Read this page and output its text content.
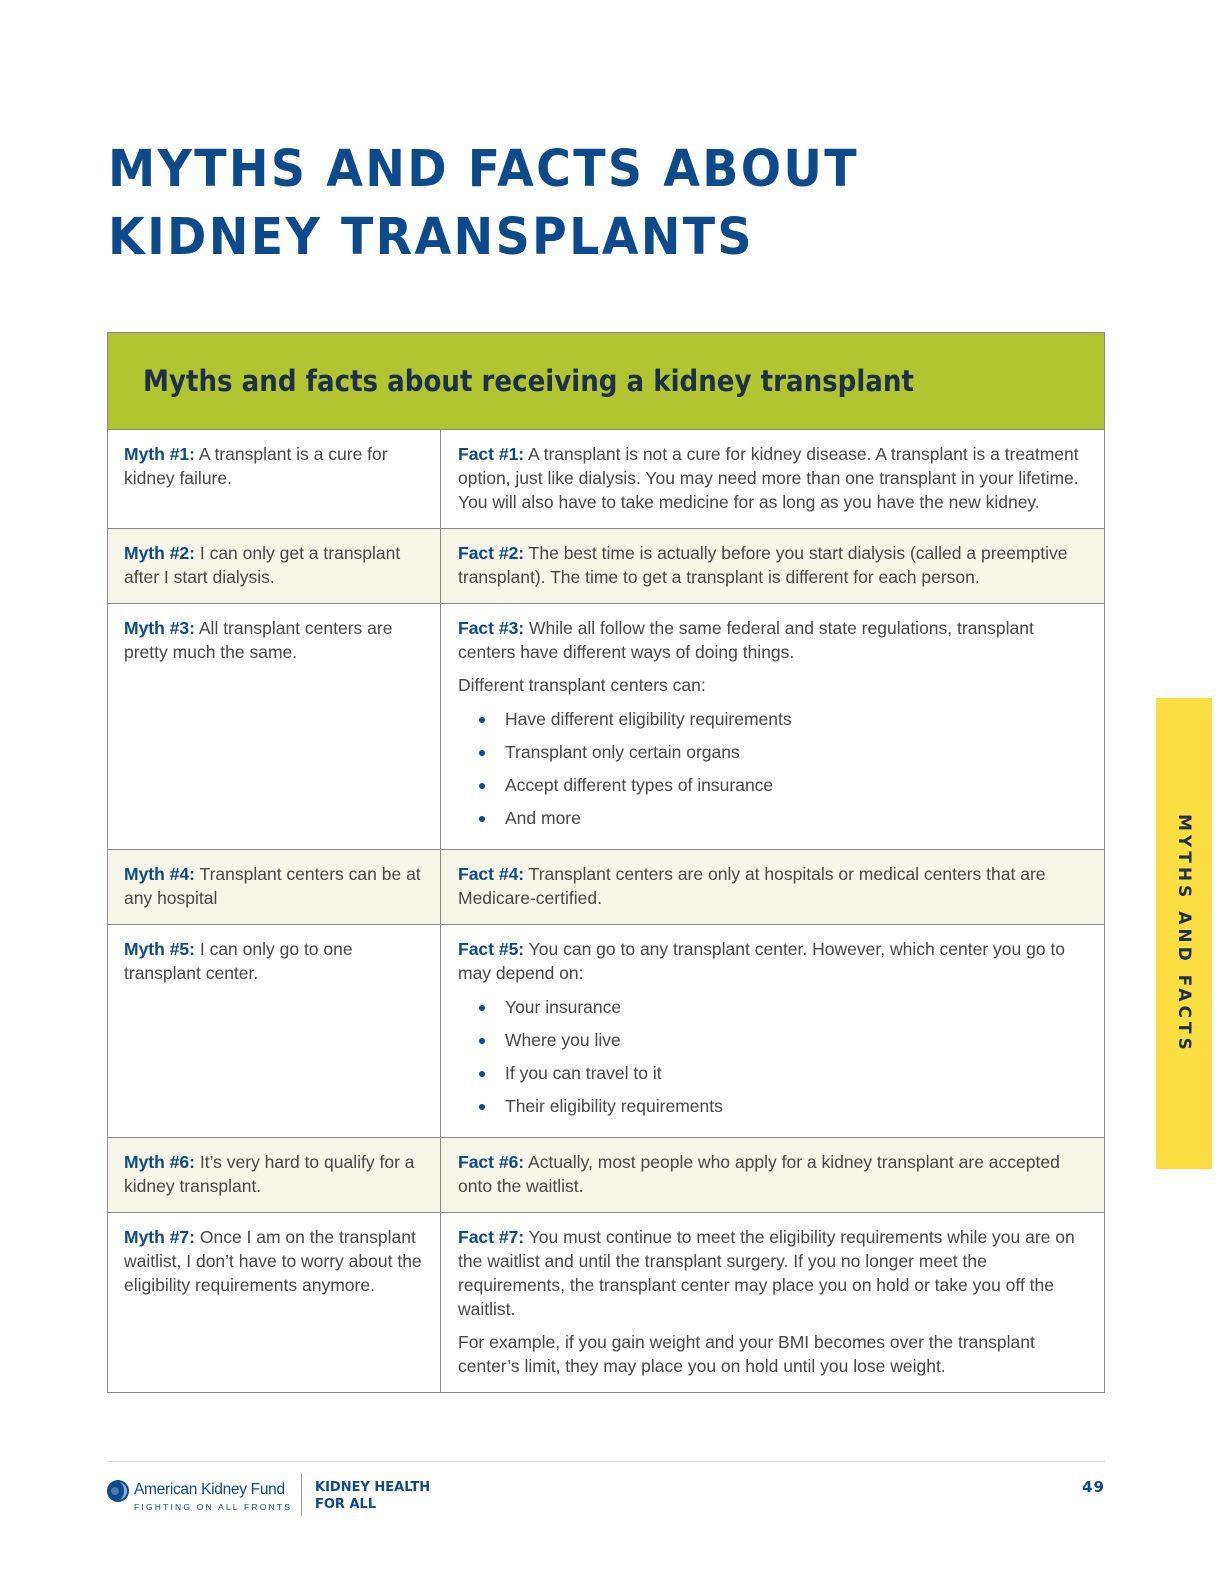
MYTHS AND FACTS ABOUT
KIDNEY TRANSPLANTS
Myths and facts about receiving a kidney transplant

Myth #1: A transplant is a cure for kidney failure.

Fact #1: A transplant is not a cure for kidney disease. A transplant is a treatment option, just like dialysis. You may need more than one transplant in your lifetime. You will also have to take medicine for as long as you have the new kidney.

Myth #2: I can only get a transplant after I start dialysis.

Fact #2: The best time is actually before you start dialysis (called a preemptive transplant). The time to get a transplant is different for each person.

Myth #3: All transplant centers are pretty much the same.

Fact #3: While all follow the same federal and state regulations, transplant centers have different ways of doing things.

Different transplant centers can:

Have different eligibility requirements
Transplant only certain organs
Accept different types of insurance
And more

Myth #4: Transplant centers can be at any hospital

Fact #4: Transplant centers are only at hospitals or medical centers that are Medicare-certified.

Myth #5: I can only go to one transplant center.

Fact #5: You can go to any transplant center. However, which center you go to may depend on:

Your insurance
Where you live
If you can travel to it
Their eligibility requirements

Myth #6: It’s very hard to qualify for a kidney transplant.

Fact #6: Actually, most people who apply for a kidney transplant are accepted onto the waitlist.

Myth #7: Once I am on the transplant waitlist, I don’t have to worry about the eligibility requirements anymore.

Fact #7: You must continue to meet the eligibility requirements while you are on the waitlist and until the transplant surgery. If you no longer meet the requirements, the transplant center may place you on hold or take you off the waitlist.

For example, if you gain weight and your BMI becomes over the transplant center’s limit, they may place you on hold until you lose weight.

MYTHS AND FACTS
American Kidney Fund
FIGHTING ON ALL FRONTS
KIDNEY HEALTH
FOR ALL
49
